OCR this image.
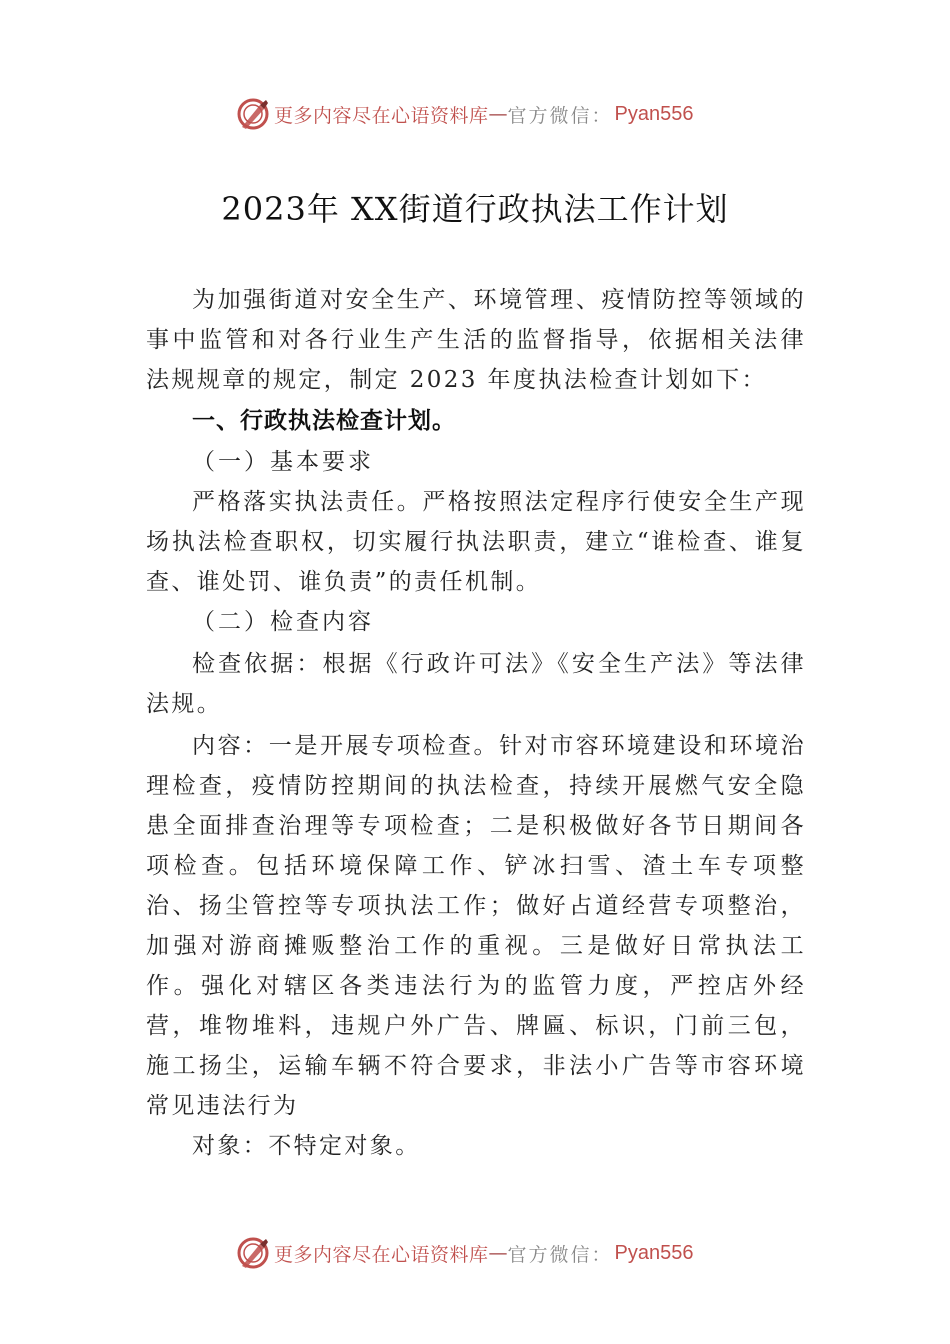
更多内容尽在心语资料库 — 官方微信： Pyan556
2023年 XX街道行政执法工作计划

为加强街道对安全生产、环境管理、疫情防控等领域的事中监管和对各行业生产生活的监督指导，依据相关法律法规规章的规定，制定 2023 年度执法检查计划如下：

一、行政执法检查计划。

（一）基本要求

严格落实执法责任。严格按照法定程序行使安全生产现场执法检查职权，切实履行执法职责，建立“谁检查、谁复查、谁处罚、谁负责”的责任机制。

（二）检查内容

检查依据：根据《行政许可法》《安全生产法》等法律法规。

内容：一是开展专项检查。针对市容环境建设和环境治理检查，疫情防控期间的执法检查，持续开展燃气安全隐患全面排查治理等专项检查；二是积极做好各节日期间各项检查。包括环境保障工作、铲冰扫雪、渣土车专项整治、扬尘管控等专项执法工作；做好占道经营专项整治，加强对游商摊贩整治工作的重视。三是做好日常执法工作。强化对辖区各类违法行为的监管力度，严控店外经营，堆物堆料，违规户外广告、牌匾、标识，门前三包，施工扬尘，运输车辆不符合要求，非法小广告等市容环境常见违法行为

对象：不特定对象。

更多内容尽在心语资料库 — 官方微信： Pyan556
